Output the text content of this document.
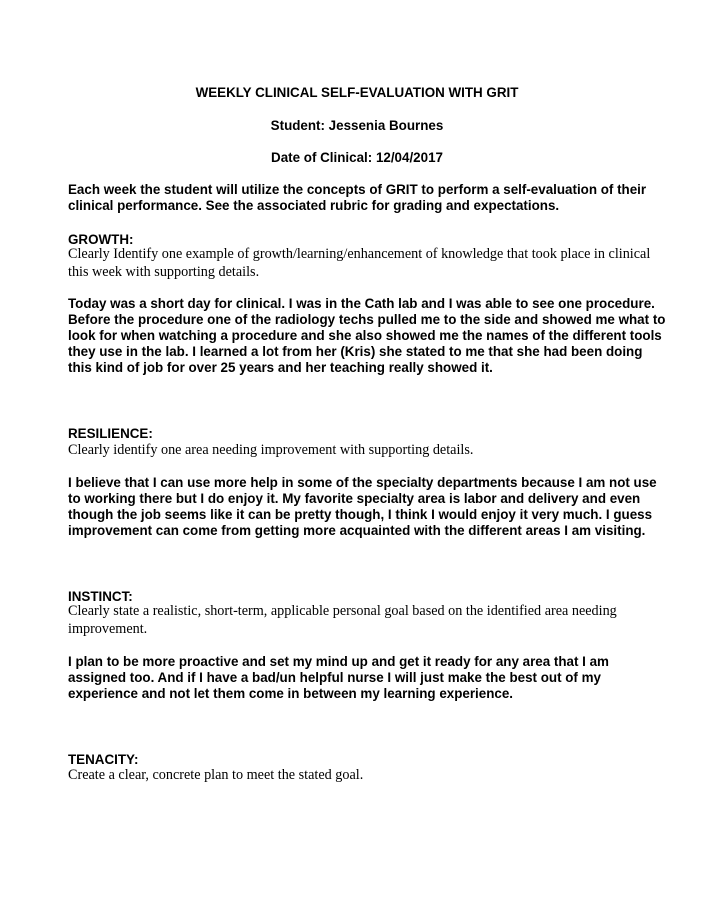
WEEKLY CLINICAL SELF-EVALUATION WITH GRIT
Student: Jessenia Bournes
Date of Clinical: 12/04/2017
Each week the student will utilize the concepts of GRIT to perform a self-evaluation of their clinical performance. See the associated rubric for grading and expectations.
GROWTH:
Clearly Identify one example of growth/learning/enhancement of knowledge that took place in clinical this week with supporting details.
Today was a short day for clinical. I was in the Cath lab and I was able to see one procedure. Before the procedure one of the radiology techs pulled me to the side and showed me what to look for when watching a procedure and she also showed me the names of the different tools they use in the lab. I learned a lot from her (Kris) she stated to me that she had been doing this kind of job for over 25 years and her teaching really showed it.
RESILIENCE:
Clearly identify one area needing improvement with supporting details.
I believe that I can use more help in some of the specialty departments because I am not use to working there but I do enjoy it. My favorite specialty area is labor and delivery and even though the job seems like it can be pretty though, I think I would enjoy it very much. I guess improvement can come from getting more acquainted with the different areas I am visiting.
INSTINCT:
Clearly state a realistic, short-term, applicable personal goal based on the identified area needing improvement.
I plan to be more proactive and set my mind up and get it ready for any area that I am assigned too. And if I have a bad/un helpful nurse I will just make the best out of my experience and not let them come in between my learning experience.
TENACITY:
Create a clear, concrete plan to meet the stated goal.
